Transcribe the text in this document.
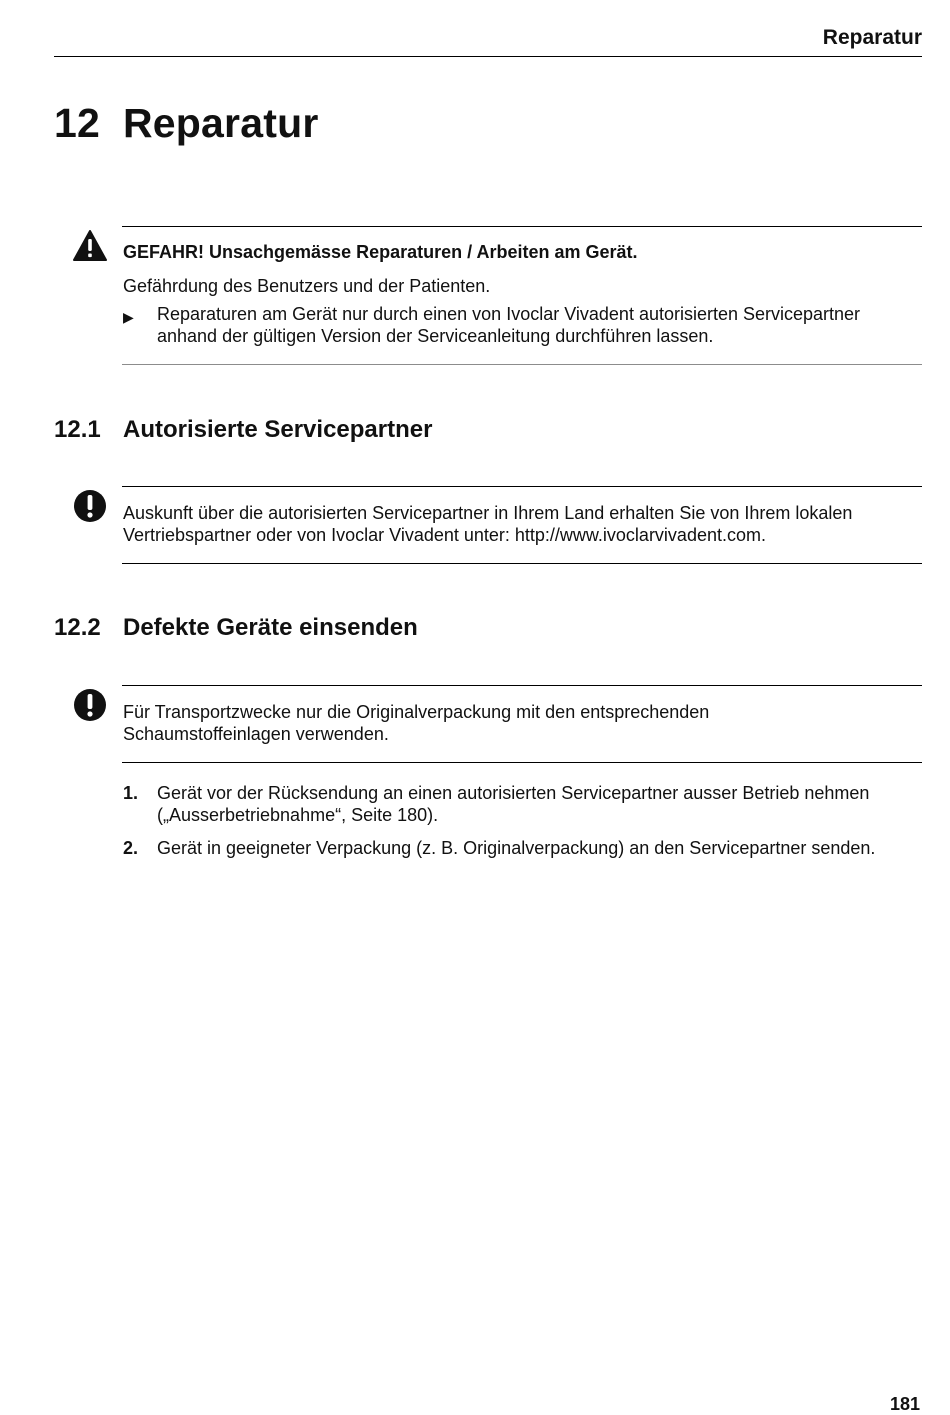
Reparatur
12 Reparatur
GEFAHR! Unsachgemässe Reparaturen / Arbeiten am Gerät.
Gefährdung des Benutzers und der Patienten.
▶	Reparaturen am Gerät nur durch einen von Ivoclar Vivadent autorisierten Servicepartner
anhand der gültigen Version der Serviceanleitung durchführen lassen.
12.1 Autorisierte Servicepartner
Auskunft über die autorisierten Servicepartner in Ihrem Land erhalten Sie von Ihrem lokalen
Vertriebspartner oder von Ivoclar Vivadent unter: http://www.ivoclarvivadent.com.
12.2 Defekte Geräte einsenden
Für Transportzwecke nur die Originalverpackung mit den entsprechenden
Schaumstoffeinlagen verwenden.
1.	Gerät vor der Rücksendung an einen autorisierten Servicepartner ausser Betrieb nehmen
(„Ausserbetriebnahme“, Seite 180).
2.	Gerät in geeigneter Verpackung (z. B. Originalverpackung) an den Servicepartner senden.
181
